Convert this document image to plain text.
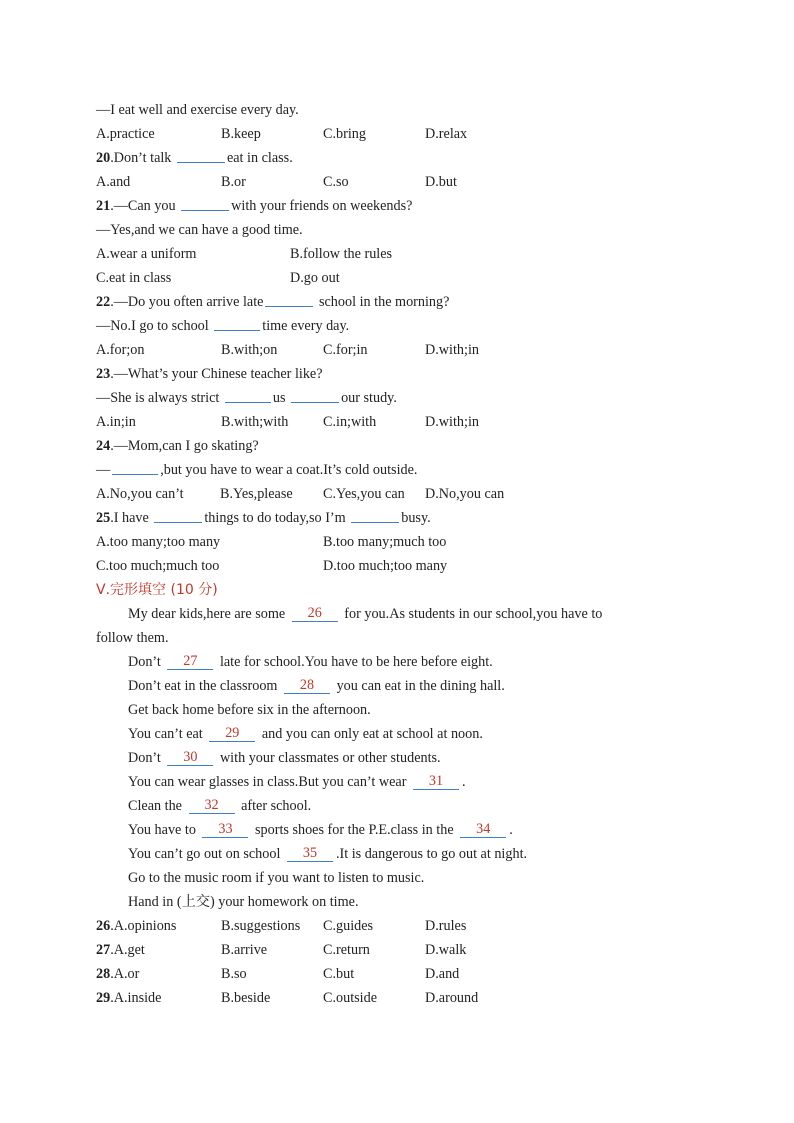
—I eat well and exercise every day.
A.practice	B.keep	C.bring	D.relax
20.Don’t talk	eat in class.
A.and	B.or	C.so	D.but
21.—Can you	with your friends on weekends?
—Yes,and we can have a good time.
A.wear a uniform	B.follow the rules
C.eat in class	D.go out
22.—Do you often arrive late	school in the morning?
—No.I go to school	time every day.
A.for;on	B.with;on	C.for;in	D.with;in
23.—What’s your Chinese teacher like?
—She is always strict	us	our study.
A.in;in	B.with;with C.in;with	D.with;in
24.—Mom,can I go skating?
—	,but you have to wear a coat.It’s cold outside.
A.No,you can’t	B.Yes,please C.Yes,you can D.No,you can
25.I have	things to do today,so I’m	busy.
A.too many;too many	B.too many;much too
C.too much;much too	D.too much;too many
Ⅴ.完形填空 (10 分)
My dear kids,here are some 26 for you.As students in our school,you have to
follow them.
Don’t 27 late for school.You have to be here before eight.
Don’t eat in the classroom 28 you can eat in the dining hall.
Get back home before six in the afternoon.
You can’t eat 29 and you can only eat at school at noon.
Don’t 30 with your classmates or other students.
You can wear glasses in class.But you can’t wear 31 .
Clean the 32 after school.
You have to 33 sports shoes for the P.E.class in the 34 .
You can’t go out on school 35 .It is dangerous to go out at night.
Go to the music room if you want to listen to music.
Hand in (上交) your homework on time.
26.A.opinions	B.suggestions C.guides	D.rules
27.A.get	B.arrive	C.return	D.walk
28.A.or	B.so	C.but	D.and
29.A.inside	B.beside	C.outside	D.around
